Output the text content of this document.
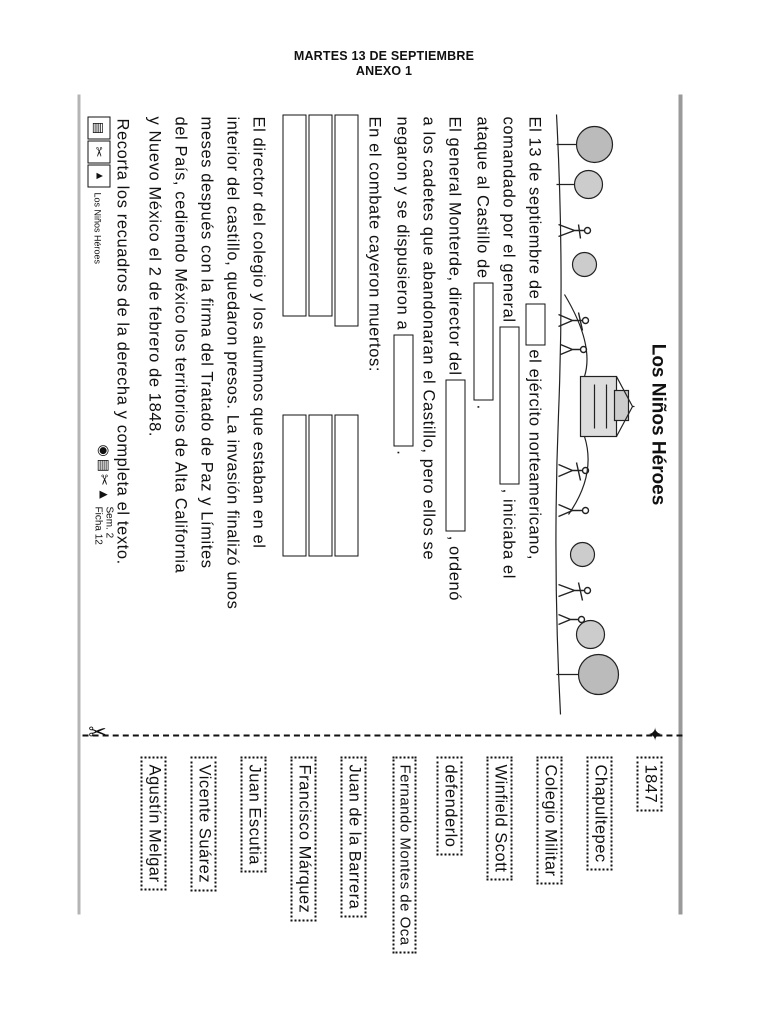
MARTES 13 DE SEPTIEMBRE
ANEXO 1
Los Niños Héroes
El 13 de septiembre deel ejército norteamericano,
comandado por el general, iniciaba el
ataque al Castillo de.
El general Monterde, director del, ordenó
a los cadetes que abandonaran el Castillo, pero ellos se
negaron y se dispusieron a.
En el combate cayeron muertos:
El director del colegio y los alumnos que estaban en el
interior del castillo, quedaron presos. La invasión finalizó unos
meses después con la firma del Tratado de Paz y Límites
del País, cediendo México los territorios de Alta California
y Nuevo México el 2 de febrero de 1848.
Recorta los recuadros de la derecha y completa el texto.
▤
✂
▲
Los Niños Héroes
◉▤✂▲
Sem. 2
Ficha 12
✦
✂
1847
Chapultepec
Colegio Militar
Winfield Scott
defenderlo
Fernando Montes de Oca
Juan de la Barrera
Francisco Márquez
Juan Escutia
Vicente Suárez
Agustín Melgar
